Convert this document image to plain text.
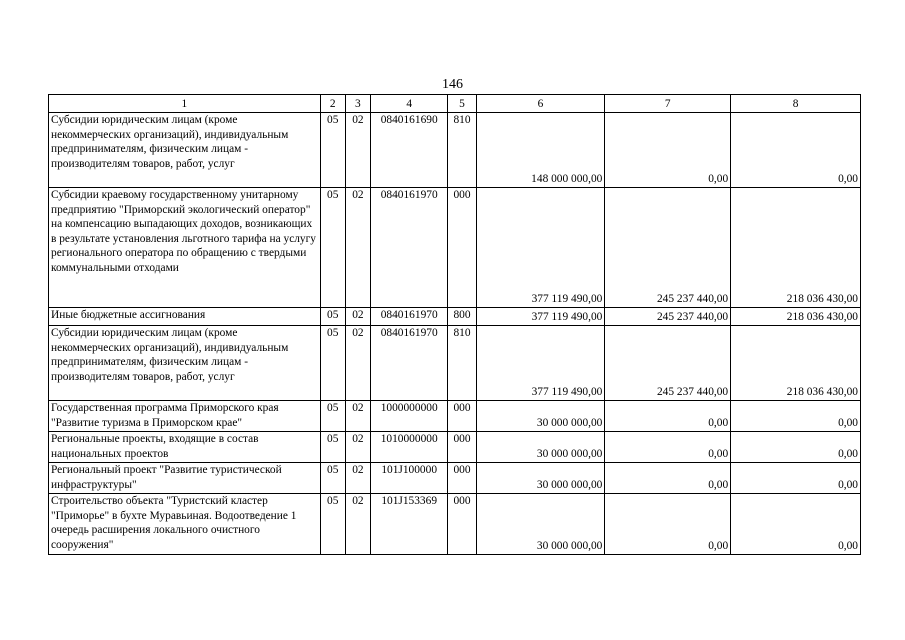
146
1	2	3	4	5	6	7	8
Субсидии юридическим лицам (кроме некоммерческих организаций), индивидуальным предпринимателям, физическим лицам - производителям товаров, работ, услуг	05	02	0840161690	810	148 000 000,00	0,00	0,00
Субсидии краевому государственному унитарному предприятию "Приморский экологический оператор" на компенсацию выпадающих доходов, возникающих в результате установления льготного тарифа на услугу регионального оператора по обращению с твердыми коммунальными отходами	05	02	0840161970	000	377 119 490,00	245 237 440,00	218 036 430,00
Иные бюджетные ассигнования	05	02	0840161970	800	377 119 490,00	245 237 440,00	218 036 430,00
Субсидии юридическим лицам (кроме некоммерческих организаций), индивидуальным предпринимателям, физическим лицам - производителям товаров, работ, услуг	05	02	0840161970	810	377 119 490,00	245 237 440,00	218 036 430,00
Государственная программа Приморского края "Развитие туризма в Приморском крае"	05	02	1000000000	000	30 000 000,00	0,00	0,00
Региональные проекты, входящие в состав национальных проектов	05	02	1010000000	000	30 000 000,00	0,00	0,00
Региональный проект "Развитие туристической инфраструктуры"	05	02	101J100000	000	30 000 000,00	0,00	0,00
Строительство объекта "Туристский кластер "Приморье" в бухте Муравьиная. Водоотведение 1 очередь расширения локального очистного сооружения"	05	02	101J153369	000	30 000 000,00	0,00	0,00
